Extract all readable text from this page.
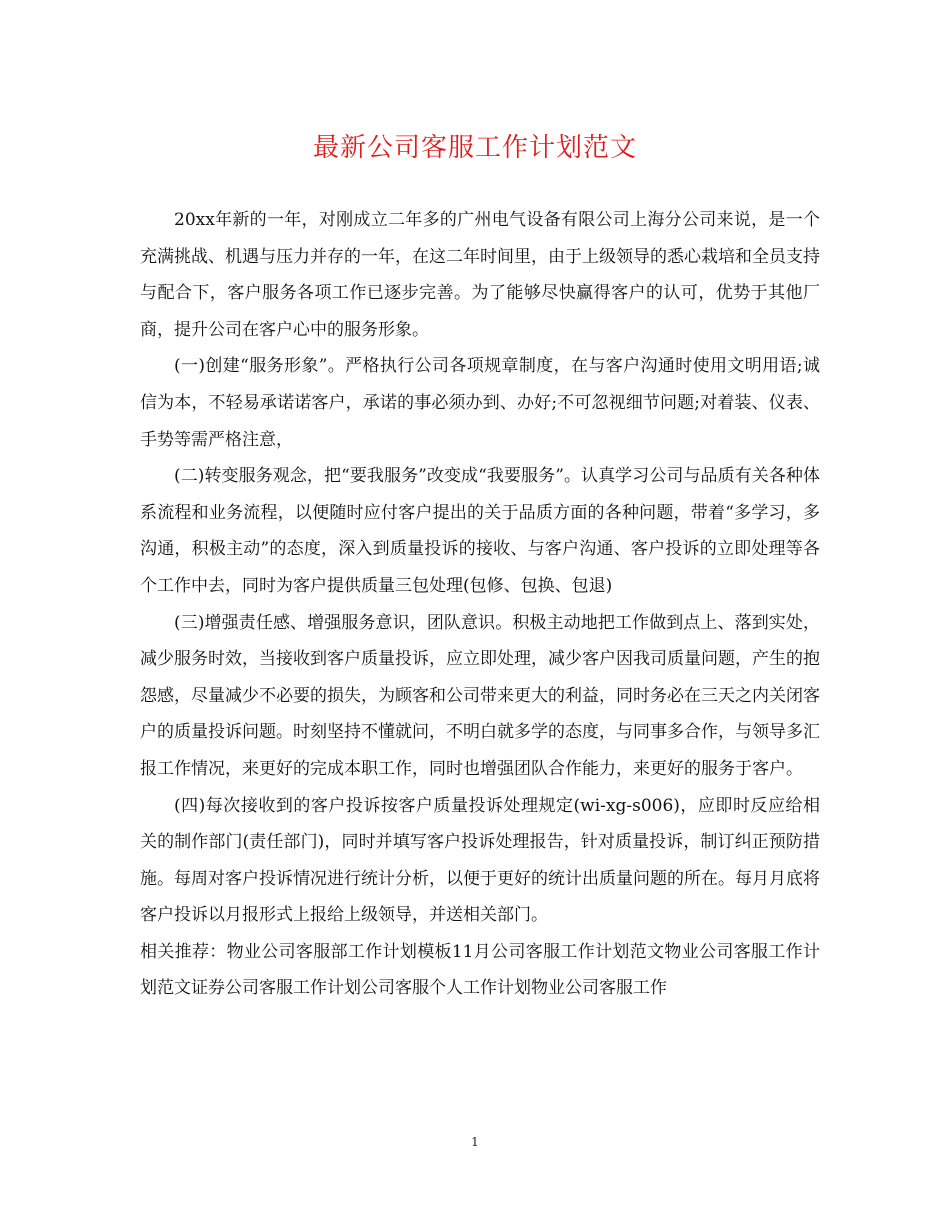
最新公司客服工作计划范文

20xx年新的一年，对刚成立二年多的广州电气设备有限公司上海分公司来说，是一个充满挑战、机遇与压力并存的一年，在这二年时间里，由于上级领导的悉心栽培和全员支持与配合下，客户服务各项工作已逐步完善。为了能够尽快赢得客户的认可，优势于其他厂商，提升公司在客户心中的服务形象。

(一)创建“服务形象”。严格执行公司各项规章制度，在与客户沟通时使用文明用语;诚信为本，不轻易承诺诺客户，承诺的事必须办到、办好;不可忽视细节问题;对着装、仪表、手势等需严格注意，

(二)转变服务观念，把“要我服务”改变成“我要服务”。认真学习公司与品质有关各种体系流程和业务流程，以便随时应付客户提出的关于品质方面的各种问题，带着“多学习，多沟通，积极主动”的态度，深入到质量投诉的接收、与客户沟通、客户投诉的立即处理等各个工作中去，同时为客户提供质量三包处理(包修、包换、包退)

(三)增强责任感、增强服务意识，团队意识。积极主动地把工作做到点上、落到实处，减少服务时效，当接收到客户质量投诉，应立即处理，减少客户因我司质量问题，产生的抱怨感，尽量减少不必要的损失，为顾客和公司带来更大的利益，同时务必在三天之内关闭客户的质量投诉问题。时刻坚持不懂就问，不明白就多学的态度，与同事多合作，与领导多汇报工作情况，来更好的完成本职工作，同时也增强团队合作能力，来更好的服务于客户。

(四)每次接收到的客户投诉按客户质量投诉处理规定(wi-xg-s006)，应即时反应给相关的制作部门(责任部门)，同时并填写客户投诉处理报告，针对质量投诉，制订纠正预防措施。每周对客户投诉情况进行统计分析，以便于更好的统计出质量问题的所在。每月月底将客户投诉以月报形式上报给上级领导，并送相关部门。

相关推荐：物业公司客服部工作计划模板11月公司客服工作计划范文物业公司客服工作计划范文证券公司客服工作计划公司客服个人工作计划物业公司客服工作

1
